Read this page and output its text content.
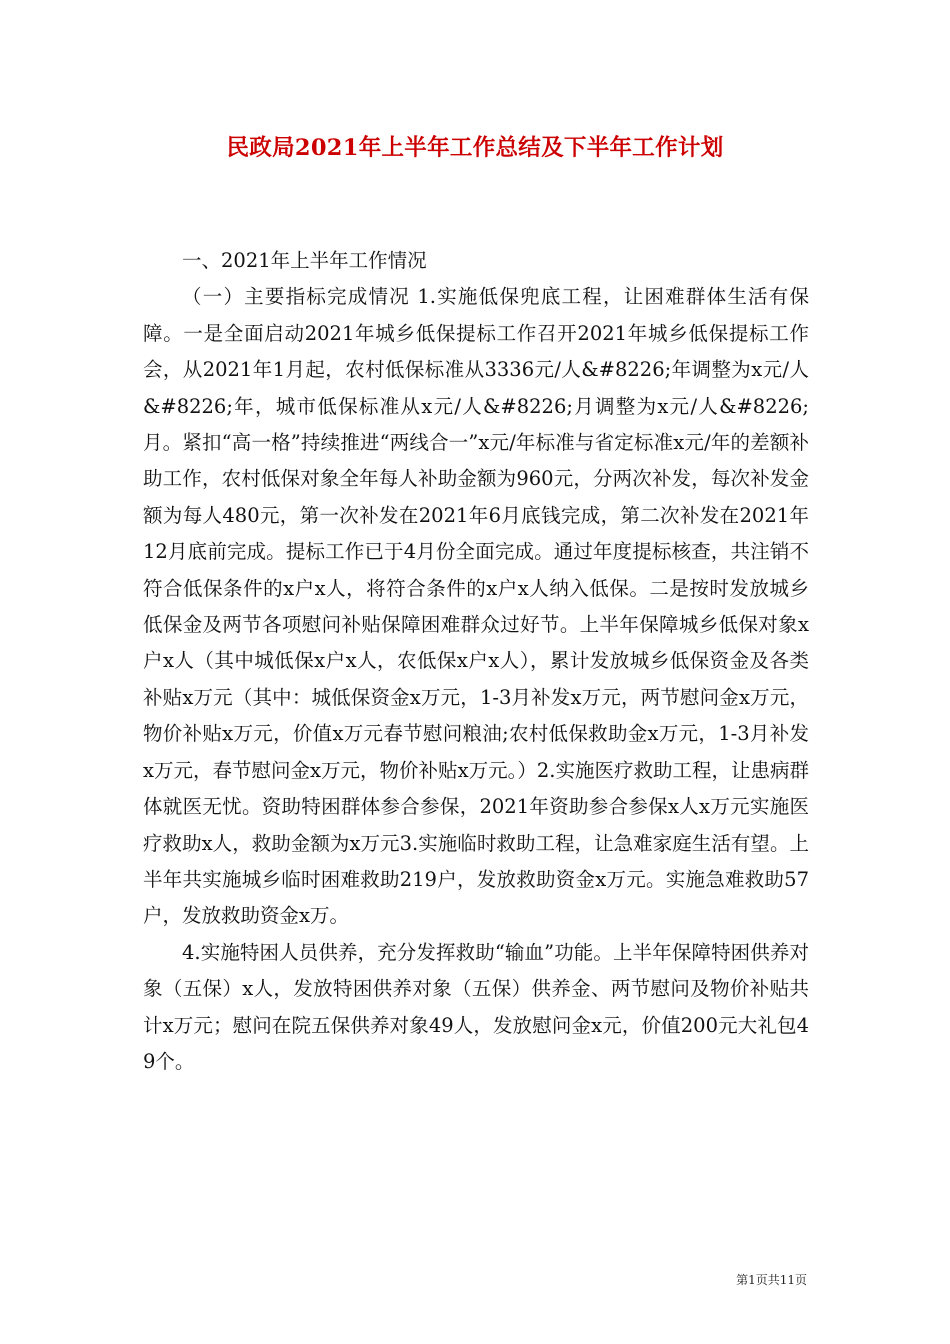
民政局2021年上半年工作总结及下半年工作计划

一、2021年上半年工作情况

（一）主要指标完成情况 1.实施低保兜底工程，让困难群体生活有保障。一是全面启动2021年城乡低保提标工作召开2021年城乡低保提标工作会，从2021年1月起，农村低保标准从3336元/人&#8226;年调整为x元/人&#8226;年，城市低保标准从x元/人&#8226;月调整为x元/人&#8226;月。紧扣“高一格”持续推进“两线合一”x元/年标准与省定标准x元/年的差额补助工作，农村低保对象全年每人补助金额为960元，分两次补发，每次补发金额为每人480元，第一次补发在2021年6月底钱完成，第二次补发在2021年12月底前完成。提标工作已于4月份全面完成。通过年度提标核查，共注销不符合低保条件的x户x人，将符合条件的x户x人纳入低保。二是按时发放城乡低保金及两节各项慰问补贴保障困难群众过好节。上半年保障城乡低保对象x户x人（其中城低保x户x人，农低保x户x人），累计发放城乡低保资金及各类补贴x万元（其中：城低保资金x万元，1-3月补发x万元，两节慰问金x万元，物价补贴x万元，价值x万元春节慰问粮油;农村低保救助金x万元，1-3月补发x万元，春节慰问金x万元，物价补贴x万元。）2.实施医疗救助工程，让患病群体就医无忧。资助特困群体参合参保，2021年资助参合参保x人x万元实施医疗救助x人，救助金额为x万元3.实施临时救助工程，让急难家庭生活有望。上半年共实施城乡临时困难救助219户，发放救助资金x万元。实施急难救助57户，发放救助资金x万。

4.实施特困人员供养，充分发挥救助“输血”功能。上半年保障特困供养对象（五保）x人，发放特困供养对象（五保）供养金、两节慰问及物价补贴共计x万元；慰问在院五保供养对象49人，发放慰问金x元，价值200元大礼包49个。

第1页共11页
